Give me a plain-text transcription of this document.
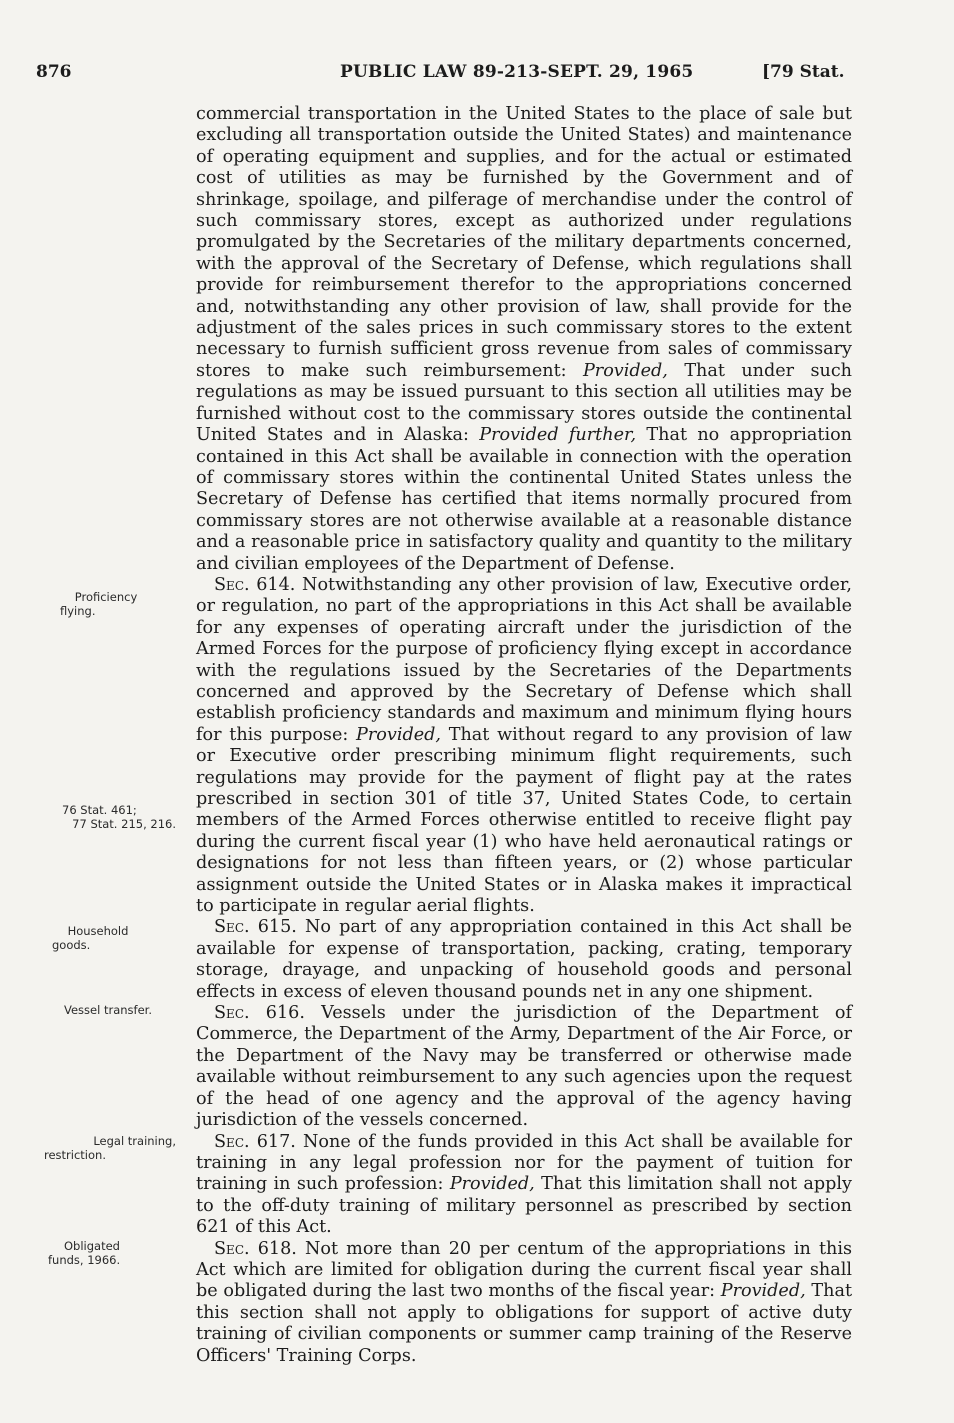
876	PUBLIC LAW 89-213-SEPT. 29, 1965	[79 Stat.
Proficiency
flying.
76 Stat. 461;
77 Stat. 215, 216.
Household
goods.
Vessel transfer.
Legal training,
restriction.
Obligated
funds, 1966.

commercial transportation in the United States to the place of sale but excluding all transportation outside the United States) and maintenance of operating equipment and supplies, and for the actual or estimated cost of utilities as may be furnished by the Government and of shrinkage, spoilage, and pilferage of merchandise under the control of such commissary stores, except as authorized under regulations promulgated by the Secretaries of the military departments concerned, with the approval of the Secretary of Defense, which regulations shall provide for reimbursement therefor to the appropriations concerned and, notwithstanding any other provision of law, shall provide for the adjustment of the sales prices in such commissary stores to the extent necessary to furnish sufficient gross revenue from sales of commissary stores to make such reimbursement: Provided, That under such regulations as may be issued pursuant to this section all utilities may be furnished without cost to the commissary stores outside the continental United States and in Alaska: Provided further, That no appropriation contained in this Act shall be available in connection with the operation of commissary stores within the continental United States unless the Secretary of Defense has certified that items normally procured from commissary stores are not otherwise available at a reasonable distance and a reasonable price in satisfactory quality and quantity to the military and civilian employees of the Department of Defense.

Sec. 614. Notwithstanding any other provision of law, Executive order, or regulation, no part of the appropriations in this Act shall be available for any expenses of operating aircraft under the jurisdiction of the Armed Forces for the purpose of proficiency flying except in accordance with the regulations issued by the Secretaries of the Departments concerned and approved by the Secretary of Defense which shall establish proficiency standards and maximum and minimum flying hours for this purpose: Provided, That without regard to any provision of law or Executive order prescribing minimum flight requirements, such regulations may provide for the payment of flight pay at the rates prescribed in section 301 of title 37, United States Code, to certain members of the Armed Forces otherwise entitled to receive flight pay during the current fiscal year (1) who have held aeronautical ratings or designations for not less than fifteen years, or (2) whose particular assignment outside the United States or in Alaska makes it impractical to participate in regular aerial flights.

Sec. 615. No part of any appropriation contained in this Act shall be available for expense of transportation, packing, crating, temporary storage, drayage, and unpacking of household goods and personal effects in excess of eleven thousand pounds net in any one shipment.

Sec. 616. Vessels under the jurisdiction of the Department of Commerce, the Department of the Army, Department of the Air Force, or the Department of the Navy may be transferred or otherwise made available without reimbursement to any such agencies upon the request of the head of one agency and the approval of the agency having jurisdiction of the vessels concerned.

Sec. 617. None of the funds provided in this Act shall be available for training in any legal profession nor for the payment of tuition for training in such profession: Provided, That this limitation shall not apply to the off-duty training of military personnel as prescribed by section 621 of this Act.

Sec. 618. Not more than 20 per centum of the appropriations in this Act which are limited for obligation during the current fiscal year shall be obligated during the last two months of the fiscal year: Provided, That this section shall not apply to obligations for support of active duty training of civilian components or summer camp training of the Reserve Officers' Training Corps.
